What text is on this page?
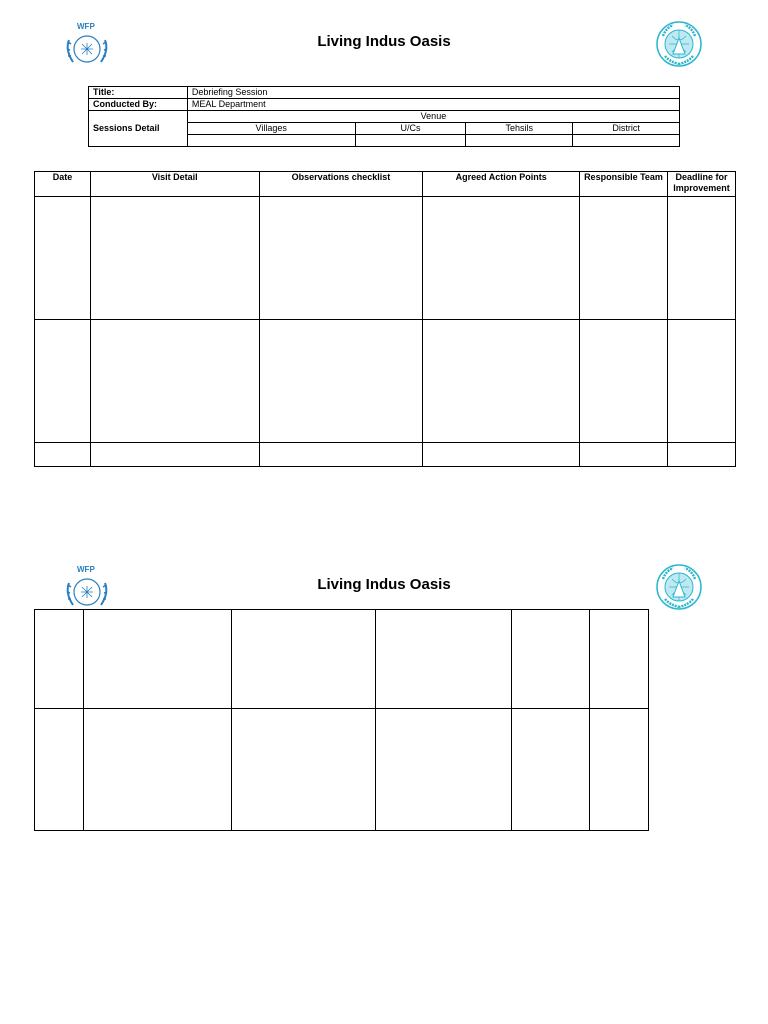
WFP
Living Indus Oasis
Title:	Debriefing Session			
Conducted By:	MEAL Department			
Sessions Detail	Venue			
	Villages	U/Cs	Tehsils	District

Date	Visit Detail	Observations checklist	Agreed Action Points	Responsible Team	Deadline for Improvement

WFP
Living Indus Oasis
